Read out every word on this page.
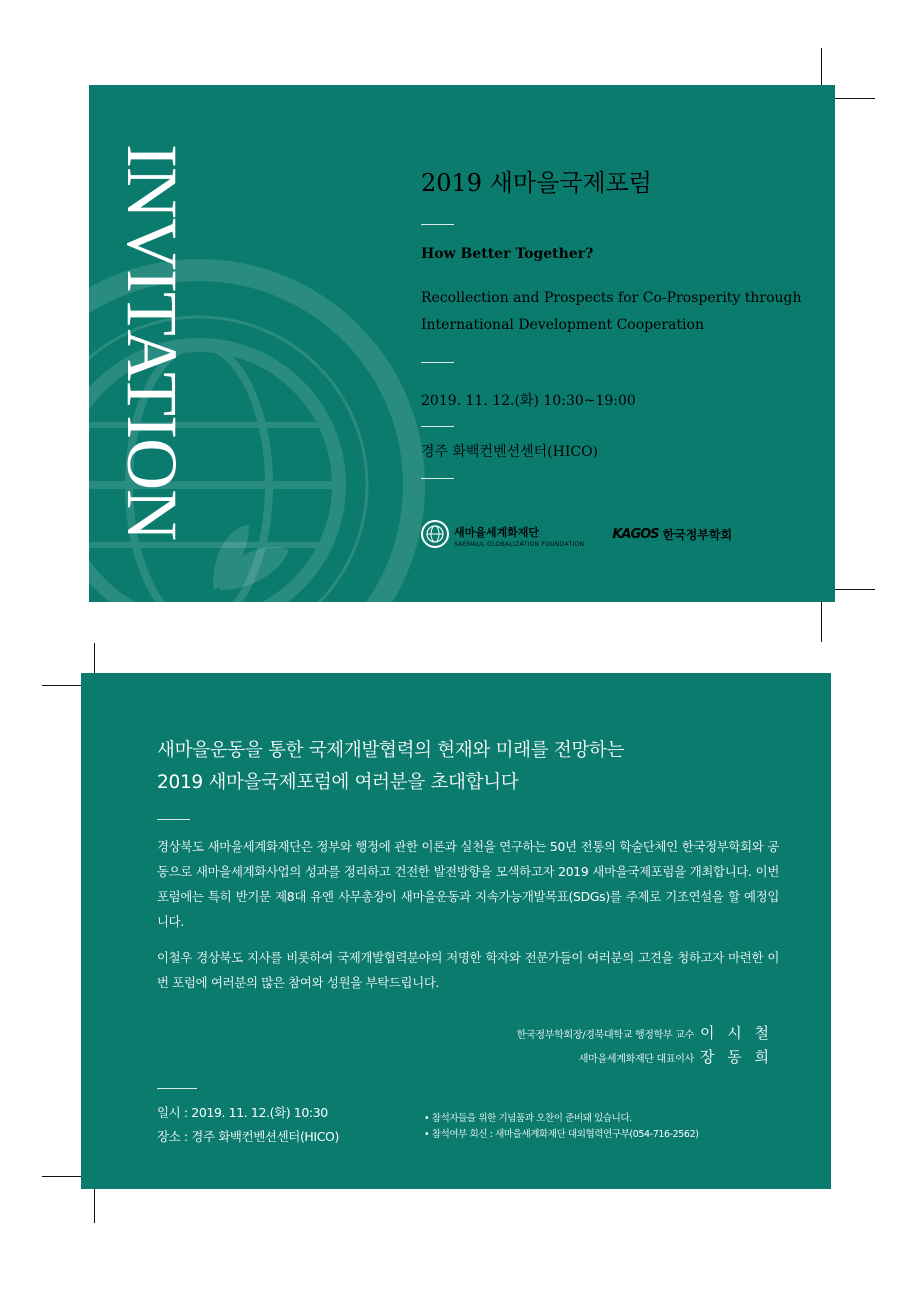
INVITATION	2019 새마을국제포럼

How Better Together?

Recollection and Prospects for Co-Prosperity through
International Development Cooperation

2019. 11. 12.(화) 10:30~19:00

경주 화백컨벤션센터(HICO)

새마을세계화재단
SAEMAUL GLOBALIZATION FOUNDATION
KAGOS 한국정부학회
새마을운동을 통한 국제개발협력의 현재와 미래를 전망하는
2019 새마을국제포럼에 여러분을 초대합니다

경상북도 새마을세계화재단은 정부와 행정에 관한 이론과 실천을 연구하는 50년 전통의 학술단체인 한국정부학회와 공동으로 새마을세계화사업의 성과를 정리하고 건전한 발전방향을 모색하고자 2019 새마을국제포럼을 개최합니다. 이번 포럼에는 특히 반기문 제8대 유엔 사무총장이 새마을운동과 지속가능개발목표(SDGs)를 주제로 기조연설을 할 예정입니다.

이철우 경상북도 지사를 비롯하여 국제개발협력분야의 저명한 학자와 전문가들이 여러분의 고견을 청하고자 마련한 이번 포럼에 여러분의 많은 참여와 성원을 부탁드립니다.

한국정부학회장/경북대학교 행정학부 교수 이 시 철
새마을세계화재단 대표이사 장 동 희
일시 : 2019. 11. 12.(화) 10:30
장소 : 경주 화백컨벤션센터(HICO)
• 참석자들을 위한 기념품과 오찬이 준비돼 있습니다.
• 참석여부 회신 : 새마을세계화재단 대외협력연구부(054-716-2562)
